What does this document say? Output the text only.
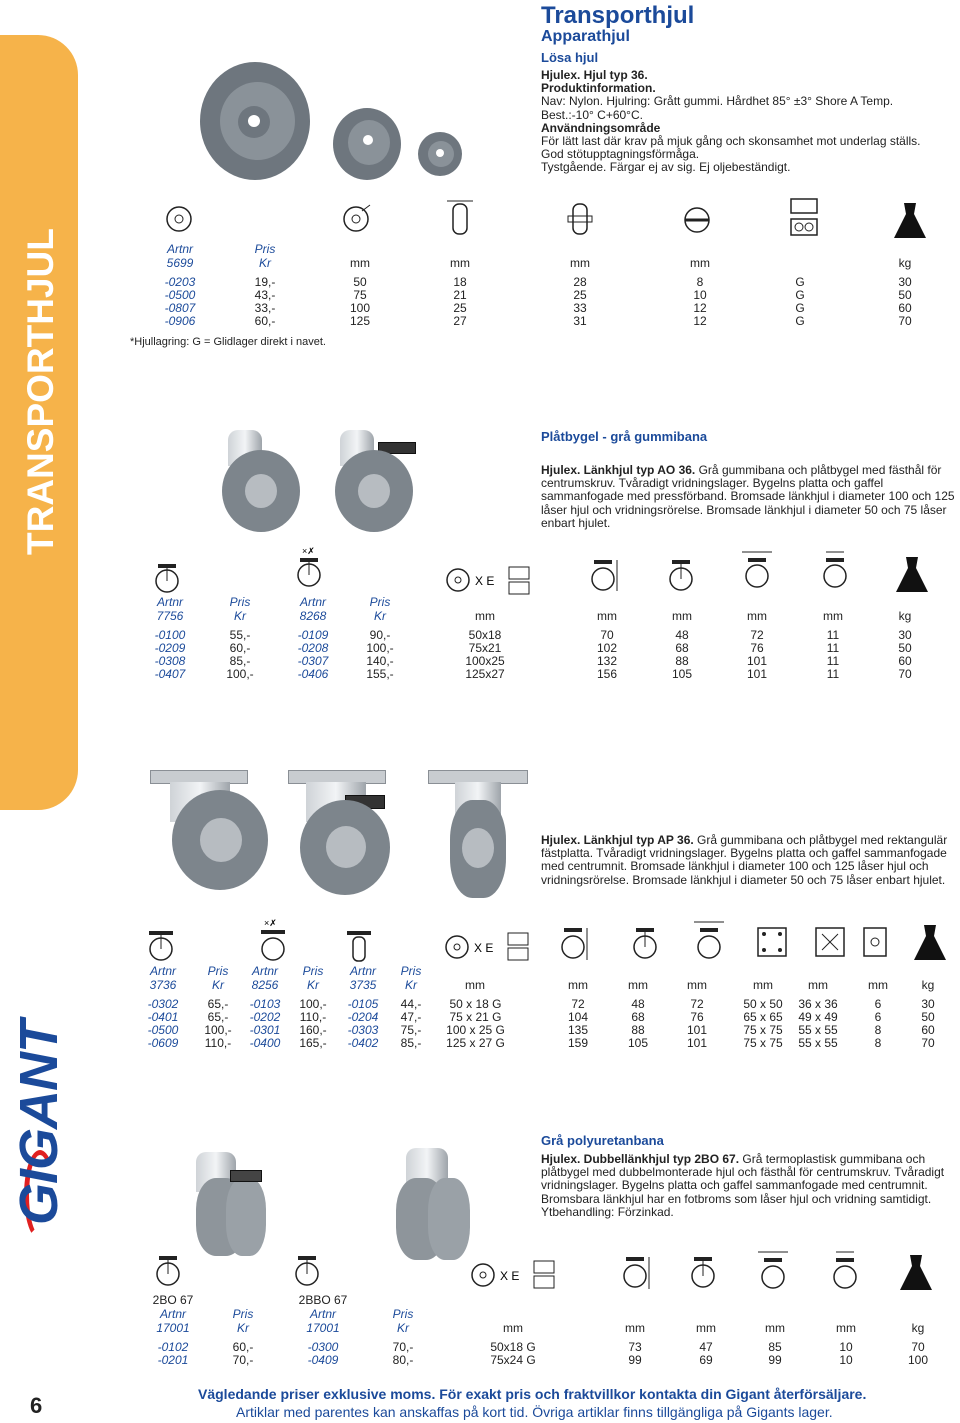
TRANSPORTHJUL
GIGANT
Transporthjul
Apparathjul
Lösa hjul
Hjulex. Hjul typ 36.
Produktinformation.
Nav: Nylon. Hjulring: Grått gummi. Hårdhet 85° ±3° Shore A Temp.
Best.:-10° C+60°C.
Användningsområde
För lätt last där krav på mjuk gång och skonsamhet mot underlag ställs.
God stötupptagningsförmåga.
Tystgående. Färgar ej av sig. Ej oljebeständigt.
Artnr	Pris
5699	Kr	mm	mm	mm	mm	kg
-0203	19,-	50	18	28	8	G	30
-0500	43,-	75	21	25	10	G	50
-0807	33,-	100	25	33	12	G	60
-0906	60,-	125	27	31	12	G	70
*Hjullagring: G = Glidlager direkt i navet.
Plåtbygel - grå gummibana
Hjulex. Länkhjul typ AO 36. Grå gummibana och plåtbygel med fästhål för centrumskruv. Tvåradigt vridningslager. Bygelns platta och gaffel sammanfogade med pressförband. Bromsade länkhjul i diameter 100 och 125 låser hjul och vridningsrörelse. Bromsade länkhjul i diameter 50 och 75 låser enbart hjulet.
×✗
X E
Artnr	Pris	Artnr	Pris
7756	Kr	8268	Kr	mm	mm	mm	mm	mm	kg
-0100	55,-	-0109	90,-	50x18	70	48	72	11	30
-0209	60,-	-0208	100,-	75x21	102	68	76	11	50
-0308	85,-	-0307	140,-	100x25	132	88	101	11	60
-0407	100,-	-0406	155,-	125x27	156	105	101	11	70
Hjulex. Länkhjul typ AP 36. Grå gummibana och plåtbygel med rektangulär fästplatta. Tvåradigt vridningslager. Bygelns platta och gaffel sammanfogade med centrumnit. Bromsade länkhjul i diameter 100 och 125 låser hjul och vridningsrörelse. Bromsade länkhjul i diameter 50 och 75 låser enbart hjulet.
×✗
X E
Artnr	Pris	Artnr	Pris	Artnr	Pris
3736	Kr	8256	Kr	3735	Kr	mm	mm	mm	mm	mm	mm	mm	kg
-0302	65,-	-0103	100,-	-0105	44,-	50 x 18 G	72	48	72	50 x 50	36 x 36	6	30
-0401	65,-	-0202	110,-	-0204	47,-	75 x 21 G	104	68	76	65 x 65	49 x 49	6	50
-0500	100,-	-0301	160,-	-0303	75,-	100 x 25 G	135	88	101	75 x 75	55 x 55	8	60
-0609	110,-	-0400	165,-	-0402	85,-	125 x 27 G	159	105	101	75 x 75	55 x 55	8	70
Grå polyuretanbana
Hjulex. Dubbellänkhjul typ 2BO 67. Grå termoplastisk gummibana och plåtbygel med dubbelmonterade hjul och fästhål för centrumskruv. Tvåradigt vridningslager. Bygelns platta och gaffel sammanfogade med centrumnit. Bromsbara länkhjul har en fotbroms som låser hjul och vridning samtidigt. Ytbehandling: Förzinkad.
X E
2BO 67	2BBO 67
Artnr	Pris	Artnr	Pris
17001	Kr	17001	Kr	mm	mm	mm	mm	mm	kg
-0102	60,-	-0300	70,-	50x18 G	73	47	85	10	70
-0201	70,-	-0409	80,-	75x24 G	99	69	99	10	100
6	Vägledande priser exklusive moms. För exakt pris och fraktvillkor kontakta din Gigant återförsäljare.
Artiklar med parentes kan anskaffas på kort tid. Övriga artiklar finns tillgängliga på Gigants lager.
